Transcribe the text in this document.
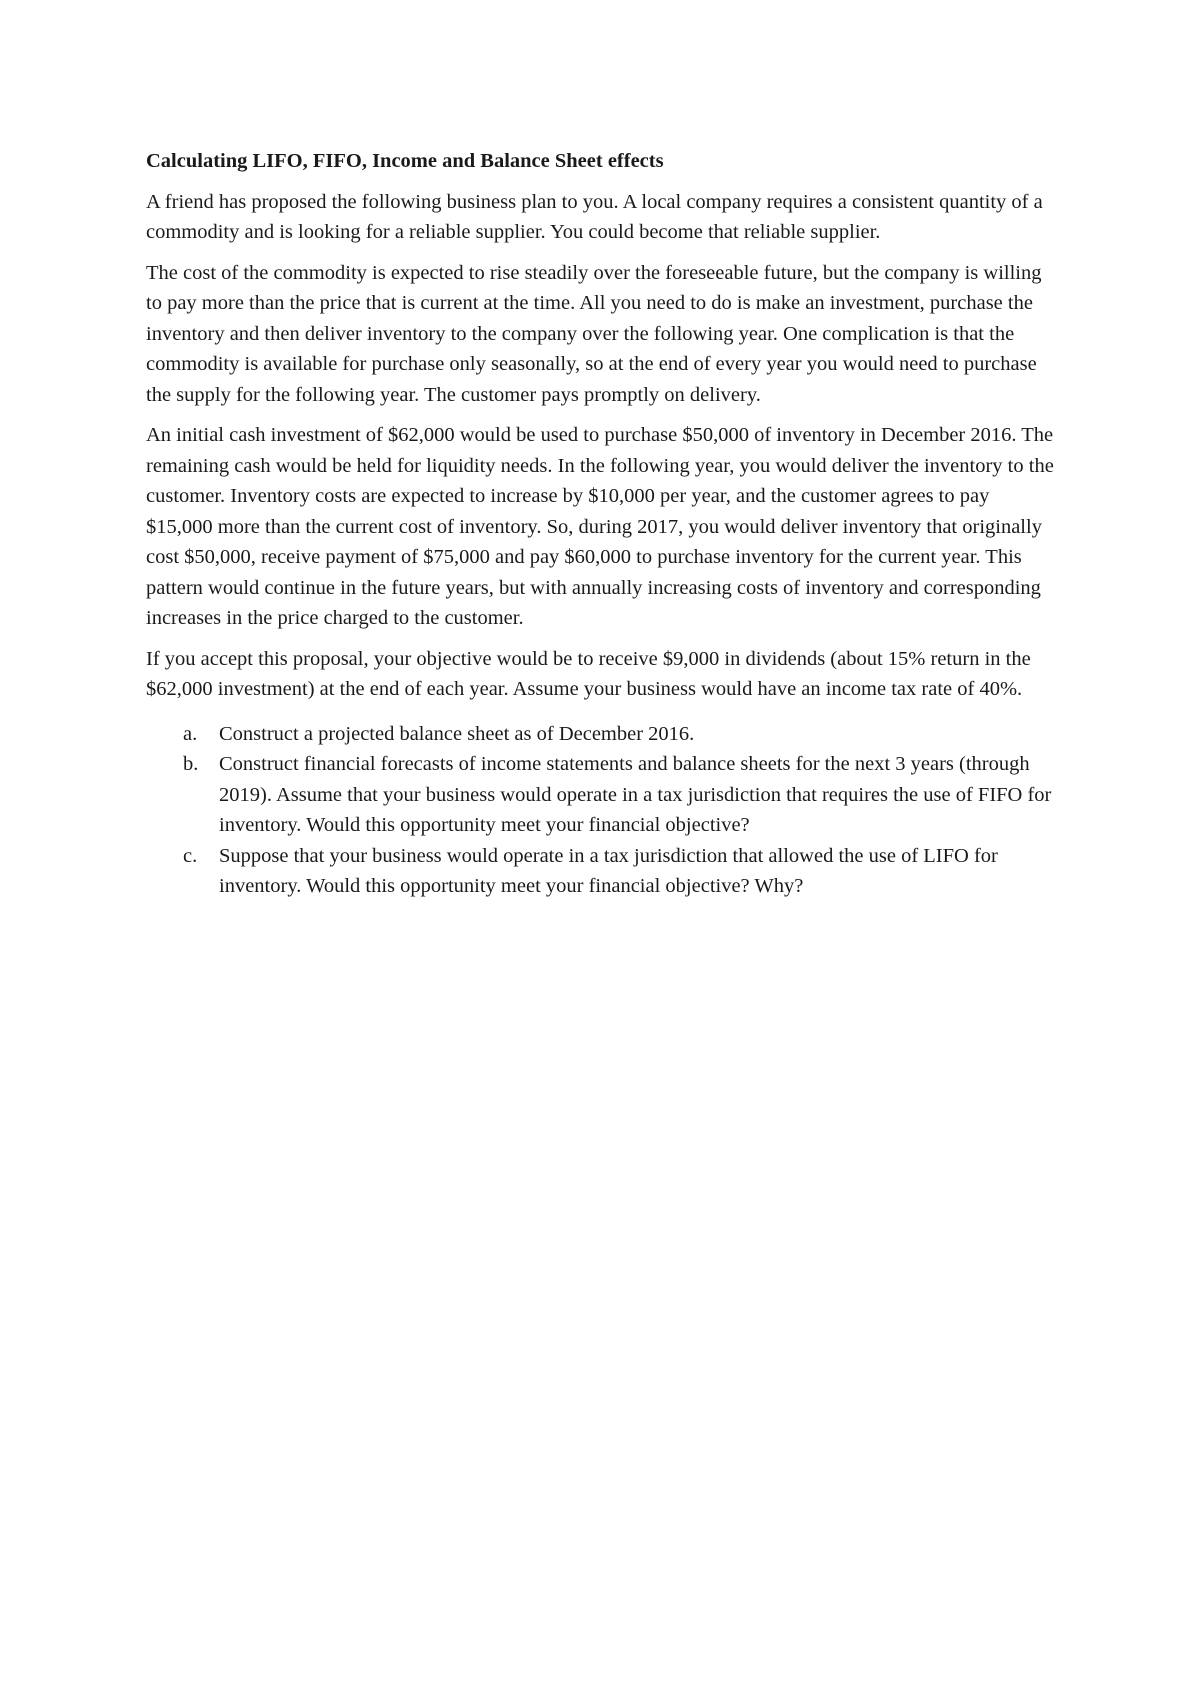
Calculating LIFO, FIFO, Income and Balance Sheet effects

A friend has proposed the following business plan to you. A local company requires a consistent quantity of a commodity and is looking for a reliable supplier. You could become that reliable supplier.

The cost of the commodity is expected to rise steadily over the foreseeable future, but the company is willing to pay more than the price that is current at the time. All you need to do is make an investment, purchase the inventory and then deliver inventory to the company over the following year. One complication is that the commodity is available for purchase only seasonally, so at the end of every year you would need to purchase the supply for the following year. The customer pays promptly on delivery.

An initial cash investment of $62,000 would be used to purchase $50,000 of inventory in December 2016. The remaining cash would be held for liquidity needs. In the following year, you would deliver the inventory to the customer. Inventory costs are expected to increase by $10,000 per year, and the customer agrees to pay $15,000 more than the current cost of inventory. So, during 2017, you would deliver inventory that originally cost $50,000, receive payment of $75,000 and pay $60,000 to purchase inventory for the current year. This pattern would continue in the future years, but with annually increasing costs of inventory and corresponding increases in the price charged to the customer.

If you accept this proposal, your objective would be to receive $9,000 in dividends (about 15% return in the $62,000 investment) at the end of each year. Assume your business would have an income tax rate of 40%.

a. Construct a projected balance sheet as of December 2016.
b. Construct financial forecasts of income statements and balance sheets for the next 3 years (through 2019). Assume that your business would operate in a tax jurisdiction that requires the use of FIFO for inventory. Would this opportunity meet your financial objective?
c. Suppose that your business would operate in a tax jurisdiction that allowed the use of LIFO for inventory. Would this opportunity meet your financial objective? Why?
